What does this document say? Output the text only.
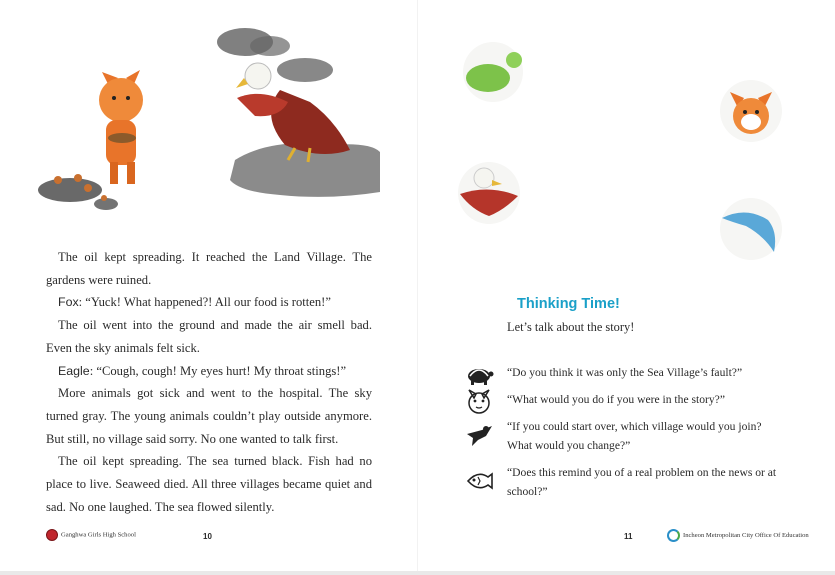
The oil kept spreading. It reached the Land Village. The gardens were ruined.

Fox: “Yuck! What happened?! All our food is rotten!”

The oil went into the ground and made the air smell bad. Even the sky animals felt sick.

Eagle: “Cough, cough! My eyes hurt! My throat stings!”

More animals got sick and went to the hospital. The sky turned gray. The young animals couldn’t play outside anymore. But still, no village said sorry. No one wanted to talk first.

The oil kept spreading. The sea turned black. Fish had no place to live. Seaweed died. All three villages became quiet and sad. No one laughed. The sea flowed silently.

Ganghwa Girls High School	10
Thinking Time!
Let’s talk about the story!
“Do you think it was only the Sea Village’s fault?”
“What would you do if you were in the story?”
“If you could start over, which village would you join? What would you change?”
“Does this remind you of a real problem on the news or at school?”
11	Incheon Metropolitan City Office Of Education
